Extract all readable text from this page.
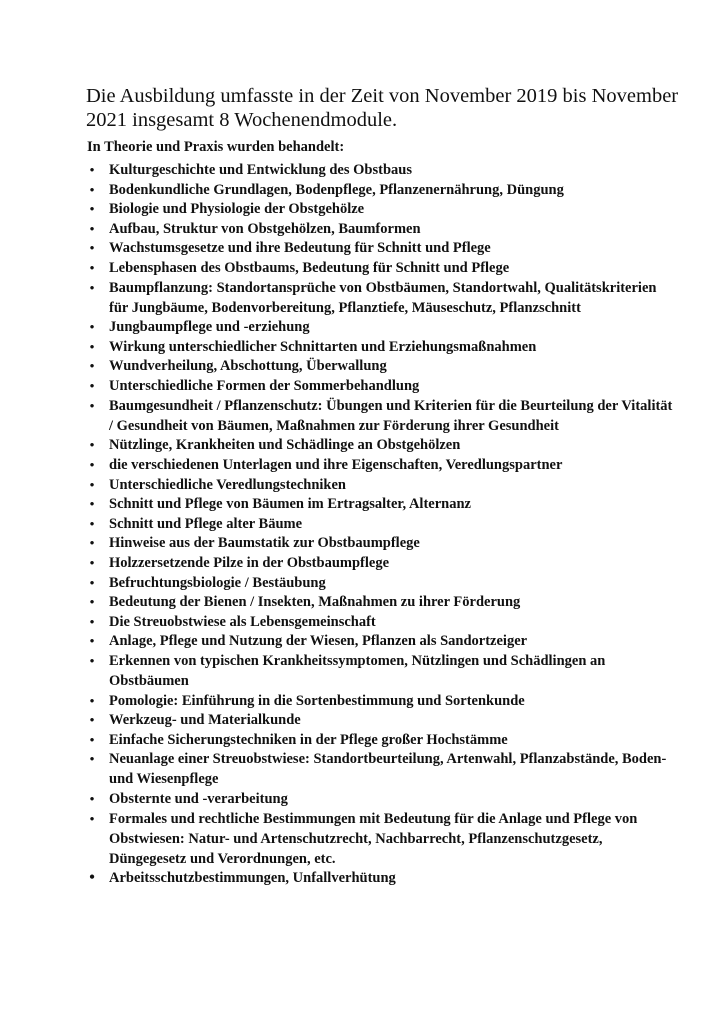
Die Ausbildung umfasste in der Zeit von November 2019 bis November 2021 insgesamt 8 Wochenendmodule.

In Theorie und Praxis wurden behandelt:

• Kulturgeschichte und Entwicklung des Obstbaus
• Bodenkundliche Grundlagen, Bodenpflege, Pflanzenernährung, Düngung
• Biologie und Physiologie der Obstgehölze
• Aufbau, Struktur von Obstgehölzen, Baumformen
• Wachstumsgesetze und ihre Bedeutung für Schnitt und Pflege
• Lebensphasen des Obstbaums, Bedeutung für Schnitt und Pflege
• Baumpflanzung: Standortansprüche von Obstbäumen, Standortwahl, Qualitätskriterien für Jungbäume, Bodenvorbereitung, Pflanztiefe, Mäuseschutz, Pflanzschnitt
• Jungbaumpflege und -erziehung
• Wirkung unterschiedlicher Schnittarten und Erziehungsmaßnahmen
• Wundverheilung, Abschottung, Überwallung
• Unterschiedliche Formen der Sommerbehandlung
• Baumgesundheit / Pflanzenschutz: Übungen und Kriterien für die Beurteilung der Vitalität / Gesundheit von Bäumen, Maßnahmen zur Förderung ihrer Gesundheit
• Nützlinge, Krankheiten und Schädlinge an Obstgehölzen
• die verschiedenen Unterlagen und ihre Eigenschaften, Veredlungspartner
• Unterschiedliche Veredlungstechniken
• Schnitt und Pflege von Bäumen im Ertragsalter, Alternanz
• Schnitt und Pflege alter Bäume
• Hinweise aus der Baumstatik zur Obstbaumpflege
• Holzzersetzende Pilze in der Obstbaumpflege
• Befruchtungsbiologie / Bestäubung
• Bedeutung der Bienen / Insekten, Maßnahmen zu ihrer Förderung
• Die Streuobstwiese als Lebensgemeinschaft
• Anlage, Pflege und Nutzung der Wiesen, Pflanzen als Sandortzeiger
• Erkennen von typischen Krankheitssymptomen, Nützlingen und Schädlingen an Obstbäumen
• Pomologie: Einführung in die Sortenbestimmung und Sortenkunde
• Werkzeug- und Materialkunde
• Einfache Sicherungstechniken in der Pflege großer Hochstämme
• Neuanlage einer Streuobstwiese: Standortbeurteilung, Artenwahl, Pflanzabstände, Boden- und Wiesenpflege
• Obsternte und -verarbeitung
• Formales und rechtliche Bestimmungen mit Bedeutung für die Anlage und Pflege von Obstwiesen: Natur- und Artenschutzrecht, Nachbarrecht, Pflanzenschutzgesetz, Düngegesetz und Verordnungen, etc.
• Arbeitsschutzbestimmungen, Unfallverhütung
